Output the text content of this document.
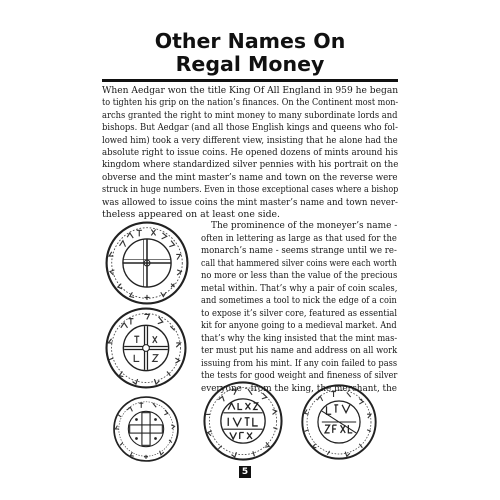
Other Names On
Regal Money
When Aedgar won the title King Of All England in 959 he began
to tighten his grip on the nation’s finances. On the Continent most mon-
archs granted the right to mint money to many subordinate lords and
bishops. But Aedgar (and all those English kings and queens who fol-
lowed him) took a very different view, insisting that he alone had the
absolute right to issue coins. He opened dozens of mints around his
kingdom where standardized silver pennies with his portrait on the
obverse and the mint master’s name and town on the reverse were
struck in huge numbers. Even in those exceptional cases where a bishop
was allowed to issue coins the mint master’s name and town never-
theless appeared on at least one side.
The prominence of the moneyer’s name -
often in lettering as large as that used for the
monarch’s name - seems strange until we re-
call that hammered silver coins were each worth
no more or less than the value of the precious
metal within. That’s why a pair of coin scales,
and sometimes a tool to nick the edge of a coin
to expose it’s silver core, featured as essential
kit for anyone going to a medieval market. And
that’s why the king insisted that the mint mas-
ter must put his name and address on all work
issuing from his mint. If any coin failed to pass
the tests for good weight and fineness of silver
everyone - from the king, the merchant, the
5
